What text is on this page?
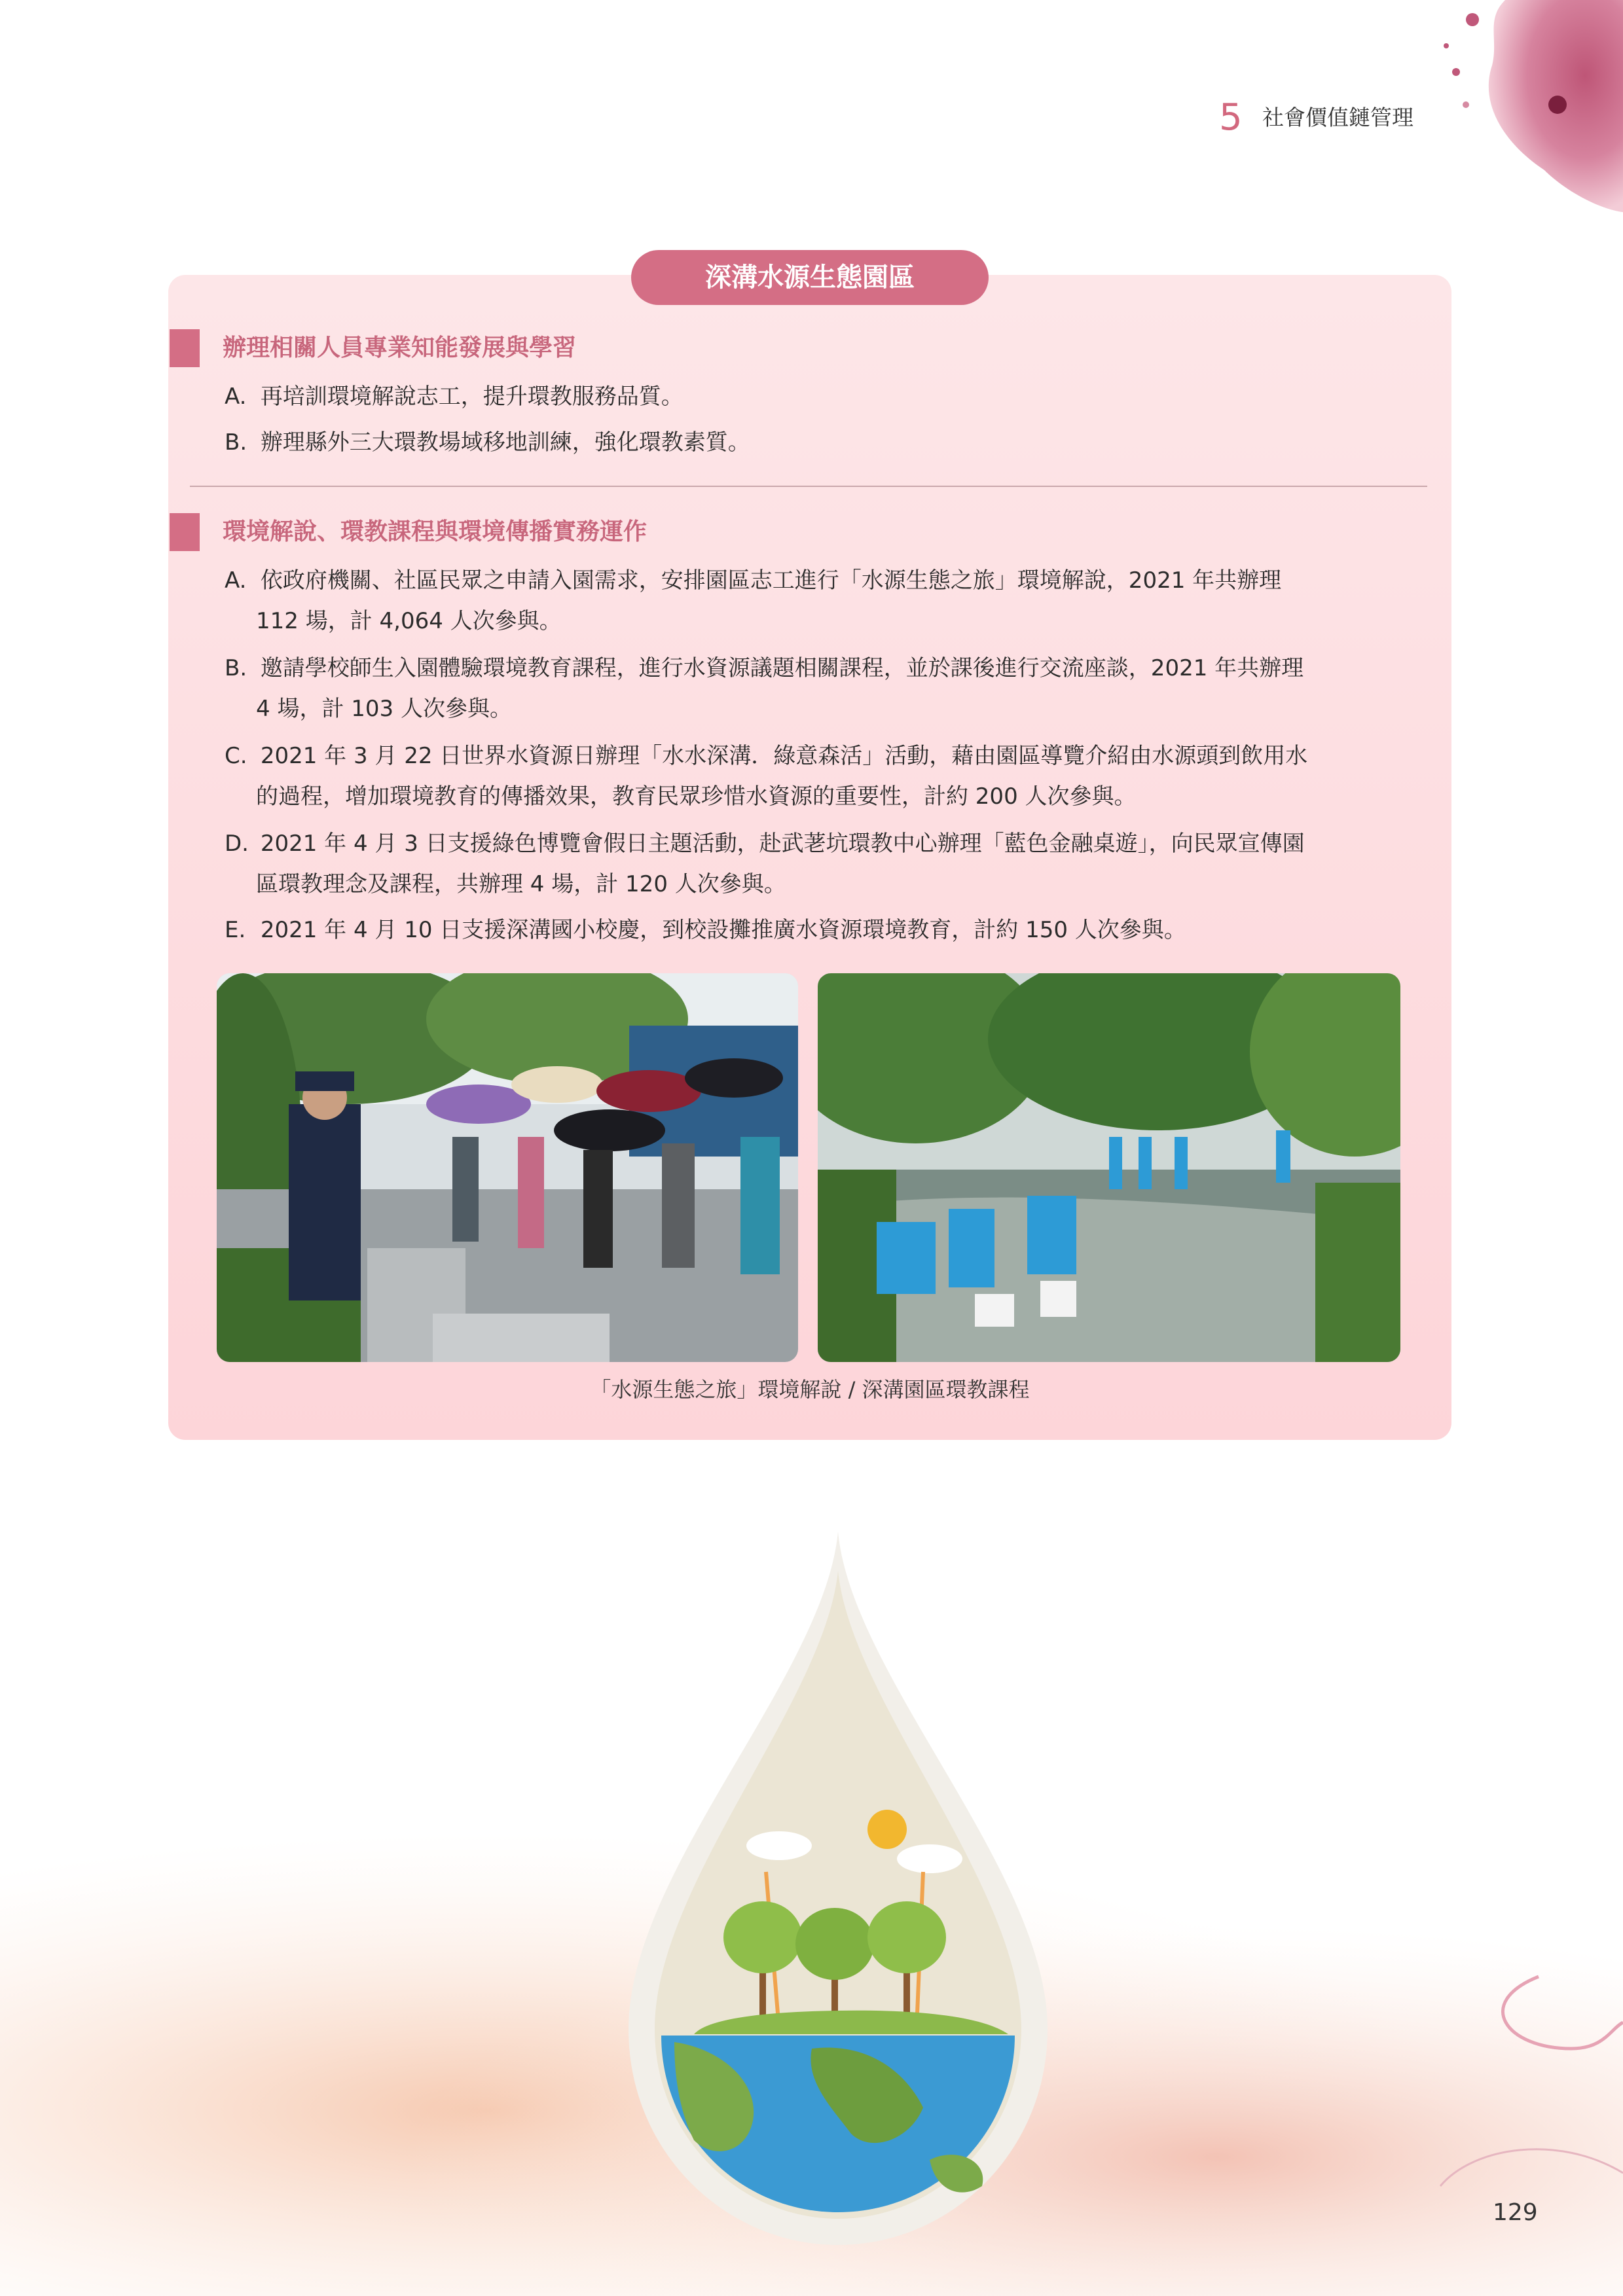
5 社會價值鏈管理
深溝水源生態園區
辦理相關人員專業知能發展與學習
A. 再培訓環境解說志工，提升環教服務品質。
B. 辦理縣外三大環教場域移地訓練，強化環教素質。
環境解說、環教課程與環境傳播實務運作
A. 依政府機關、社區民眾之申請入園需求，安排園區志工進行「水源生態之旅」環境解說，2021 年共辦理
112 場，計 4,064 人次參與。
B. 邀請學校師生入園體驗環境教育課程，進行水資源議題相關課程，並於課後進行交流座談，2021 年共辦理
4 場，計 103 人次參與。
C. 2021 年 3 月 22 日世界水資源日辦理「水水深溝．綠意森活」活動，藉由園區導覽介紹由水源頭到飲用水
的過程，增加環境教育的傳播效果，教育民眾珍惜水資源的重要性，計約 200 人次參與。
D. 2021 年 4 月 3 日支援綠色博覽會假日主題活動，赴武荖坑環教中心辦理「藍色金融桌遊」，向民眾宣傳園
區環教理念及課程，共辦理 4 場，計 120 人次參與。
E. 2021 年 4 月 10 日支援深溝國小校慶，到校設攤推廣水資源環境教育，計約 150 人次參與。
「水源生態之旅」環境解說 / 深溝園區環教課程
129
